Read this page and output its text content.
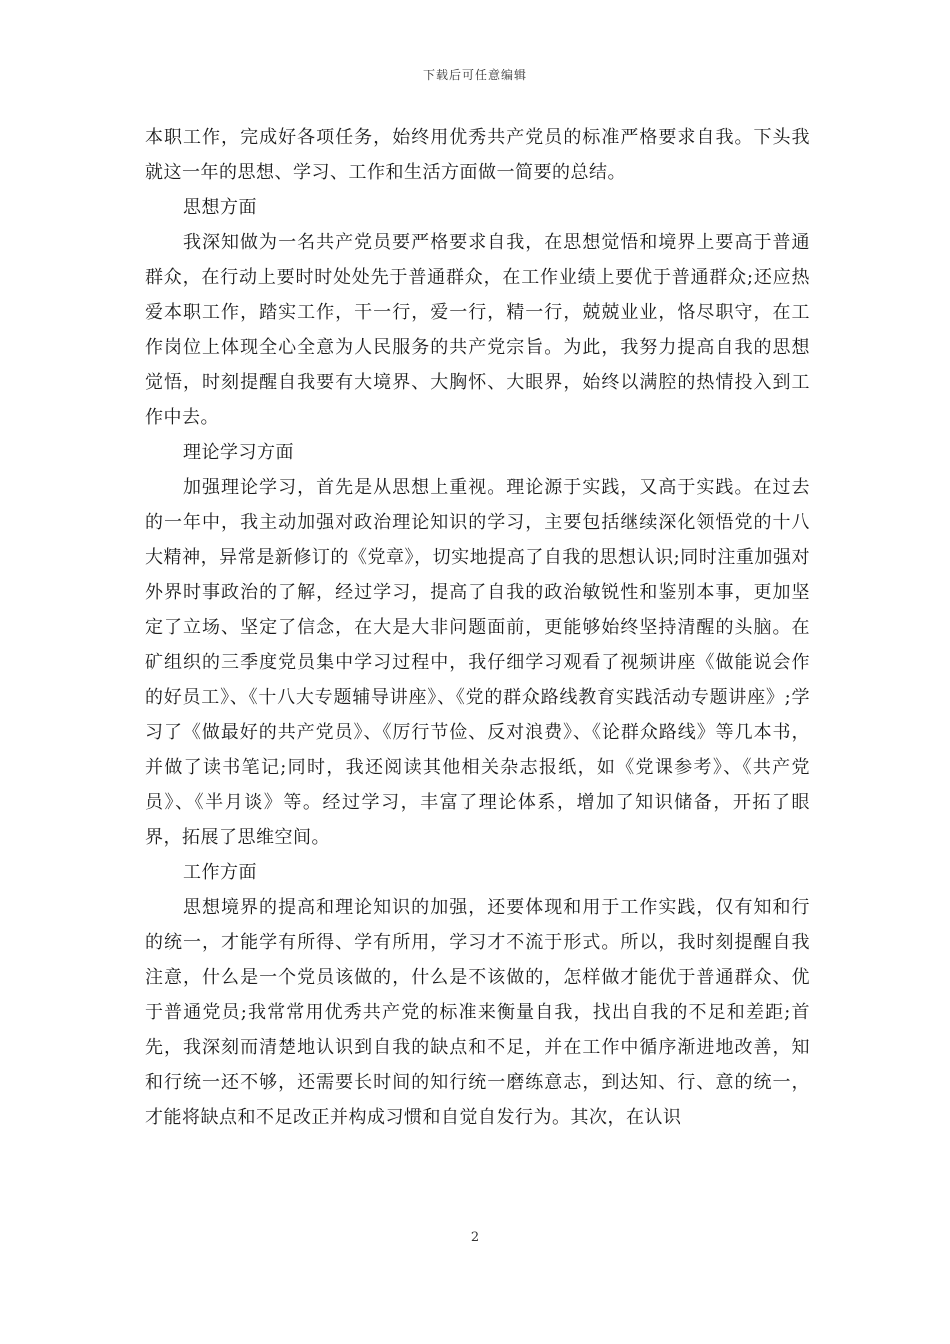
下载后可任意编辑

本职工作，完成好各项任务，始终用优秀共产党员的标准严格要求自我。下头我就这一年的思想、学习、工作和生活方面做一简要的总结。

思想方面

我深知做为一名共产党员要严格要求自我，在思想觉悟和境界上要高于普通群众，在行动上要时时处处先于普通群众，在工作业绩上要优于普通群众;还应热爱本职工作，踏实工作，干一行，爱一行，精一行，兢兢业业，恪尽职守，在工作岗位上体现全心全意为人民服务的共产党宗旨。为此，我努力提高自我的思想觉悟，时刻提醒自我要有大境界、大胸怀、大眼界，始终以满腔的热情投入到工作中去。

理论学习方面

加强理论学习，首先是从思想上重视。理论源于实践，又高于实践。在过去的一年中，我主动加强对政治理论知识的学习，主要包括继续深化领悟党的十八大精神，异常是新修订的《党章》，切实地提高了自我的思想认识;同时注重加强对外界时事政治的了解，经过学习，提高了自我的政治敏锐性和鉴别本事，更加坚定了立场、坚定了信念，在大是大非问题面前，更能够始终坚持清醒的头脑。在矿组织的三季度党员集中学习过程中，我仔细学习观看了视频讲座《做能说会作的好员工》、《十八大专题辅导讲座》、《党的群众路线教育实践活动专题讲座》;学习了《做最好的共产党员》、《厉行节俭、反对浪费》、《论群众路线》等几本书，并做了读书笔记;同时，我还阅读其他相关杂志报纸，如《党课参考》、《共产党员》、《半月谈》等。经过学习，丰富了理论体系，增加了知识储备，开拓了眼界，拓展了思维空间。

工作方面

思想境界的提高和理论知识的加强，还要体现和用于工作实践，仅有知和行的统一，才能学有所得、学有所用，学习才不流于形式。所以，我时刻提醒自我注意，什么是一个党员该做的，什么是不该做的，怎样做才能优于普通群众、优于普通党员;我常常用优秀共产党的标准来衡量自我，找出自我的不足和差距;首先，我深刻而清楚地认识到自我的缺点和不足，并在工作中循序渐进地改善，知和行统一还不够，还需要长时间的知行统一磨练意志，到达知、行、意的统一，才能将缺点和不足改正并构成习惯和自觉自发行为。其次，在认识

2
